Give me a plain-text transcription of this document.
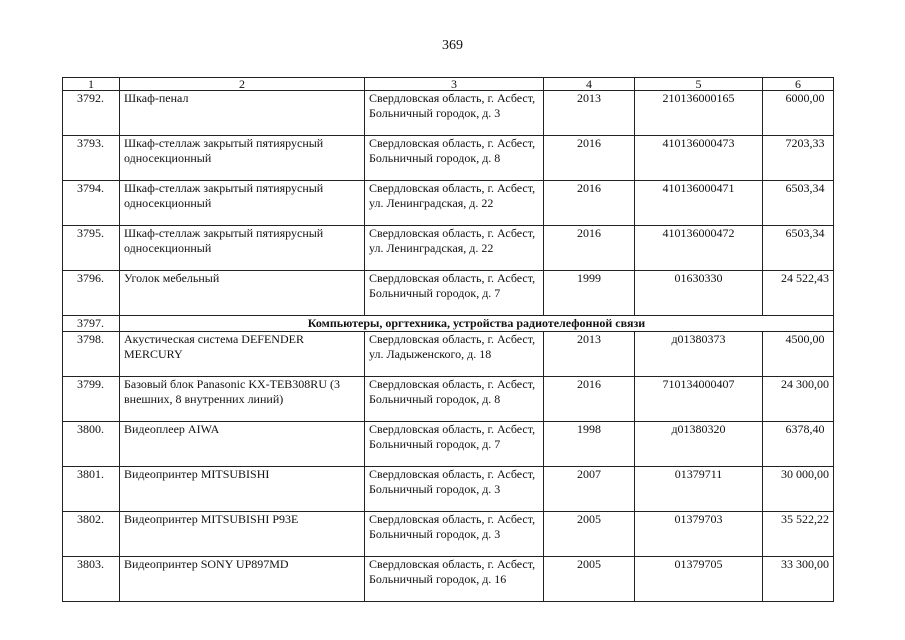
369
1	2	3	4	5	6
3792.	Шкаф-пенал	Свердловская область, г. Асбест, Больничный городок, д. 3	2013	210136000165	6000,00
3793.	Шкаф-стеллаж закрытый пятиярусный односекционный	Свердловская область, г. Асбест, Больничный городок, д. 8	2016	410136000473	7203,33
3794.	Шкаф-стеллаж закрытый пятиярусный односекционный	Свердловская область, г. Асбест, ул. Ленинградская, д. 22	2016	410136000471	6503,34
3795.	Шкаф-стеллаж закрытый пятиярусный односекционный	Свердловская область, г. Асбест, ул. Ленинградская, д. 22	2016	410136000472	6503,34
3796.	Уголок мебельный	Свердловская область, г. Асбест, Больничный городок, д. 7	1999	01630330	24 522,43
3797.	Компьютеры, оргтехника, устройства радиотелефонной связи				
3798.	Акустическая система DEFENDER MERCURY	Свердловская область, г. Асбест, ул. Ладыженского, д. 18	2013	д01380373	4500,00
3799.	Базовый блок Panasonic KX-TEB308RU (3 внешних, 8 внутренних линий)	Свердловская область, г. Асбест, Больничный городок, д. 8	2016	710134000407	24 300,00
3800.	Видеоплеер AIWA	Свердловская область, г. Асбест, Больничный городок, д. 7	1998	д01380320	6378,40
3801.	Видеопринтер MITSUBISHI	Свердловская область, г. Асбест, Больничный городок, д. 3	2007	01379711	30 000,00
3802.	Видеопринтер MITSUBISHI P93E	Свердловская область, г. Асбест, Больничный городок, д. 3	2005	01379703	35 522,22
3803.	Видеопринтер SONY UP897MD	Свердловская область, г. Асбест, Больничный городок, д. 16	2005	01379705	33 300,00
